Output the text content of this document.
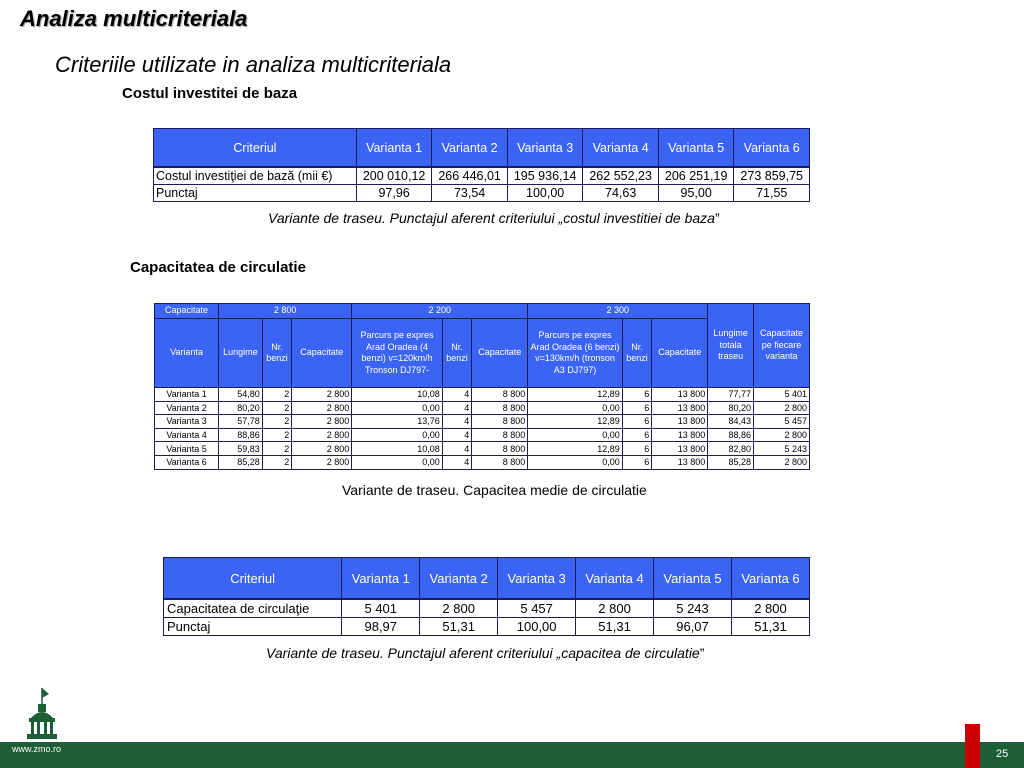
Analiza multicriteriala
Criteriile utilizate in analiza multicriteriala
Costul investitei de baza
Criteriul	Varianta 1	Varianta 2	Varianta 3	Varianta 4	Varianta 5	Varianta 6
Costul investiţiei de bază (mii €)	200 010,12	266 446,01	195 936,14	262 552,23	206 251,19	273 859,75
Punctaj	97,96	73,54	100,00	74,63	95,00	71,55
Variante de traseu. Punctajul aferent criteriului „costul investitiei de baza”
Capacitatea de circulatie
Capacitate	2 800			2 200			2 300			Lungime totala traseu	Capacitate pe fiecare varianta
Varianta	Lungime	Nr. benzi	Capacitate	Parcurs pe expres Arad Oradea (4 benzi) v=120km/h Tronson DJ797-	Nr. benzi	Capacitate	Parcurs pe expres Arad Oradea (6 benzi) v=130km/h (tronson A3 DJ797)	Nr. benzi	Capacitate		
Varianta 1	54,80	2	2 800	10,08	4	8 800	12,89	6	13 800	77,77	5 401
Varianta 2	80,20	2	2 800	0,00	4	8 800	0,00	6	13 800	80,20	2 800
Varianta 3	57,78	2	2 800	13,76	4	8 800	12,89	6	13 800	84,43	5 457
Varianta 4	88,86	2	2 800	0,00	4	8 800	0,00	6	13 800	88,86	2 800
Varianta 5	59,83	2	2 800	10,08	4	8 800	12,89	6	13 800	82,80	5 243
Varianta 6	85,28	2	2 800	0,00	4	8 800	0,00	6	13 800	85,28	2 800
Variante de traseu. Capacitea medie de circulatie
Criteriul	Varianta 1	Varianta 2	Varianta 3	Varianta 4	Varianta 5	Varianta 6
Capacitatea de circulaţie	5 401	2 800	5 457	2 800	5 243	2 800
Punctaj	98,97	51,31	100,00	51,31	96,07	51,31
Variante de traseu. Punctajul aferent criteriului „capacitea de circulatie”
www.zmo.ro	25
